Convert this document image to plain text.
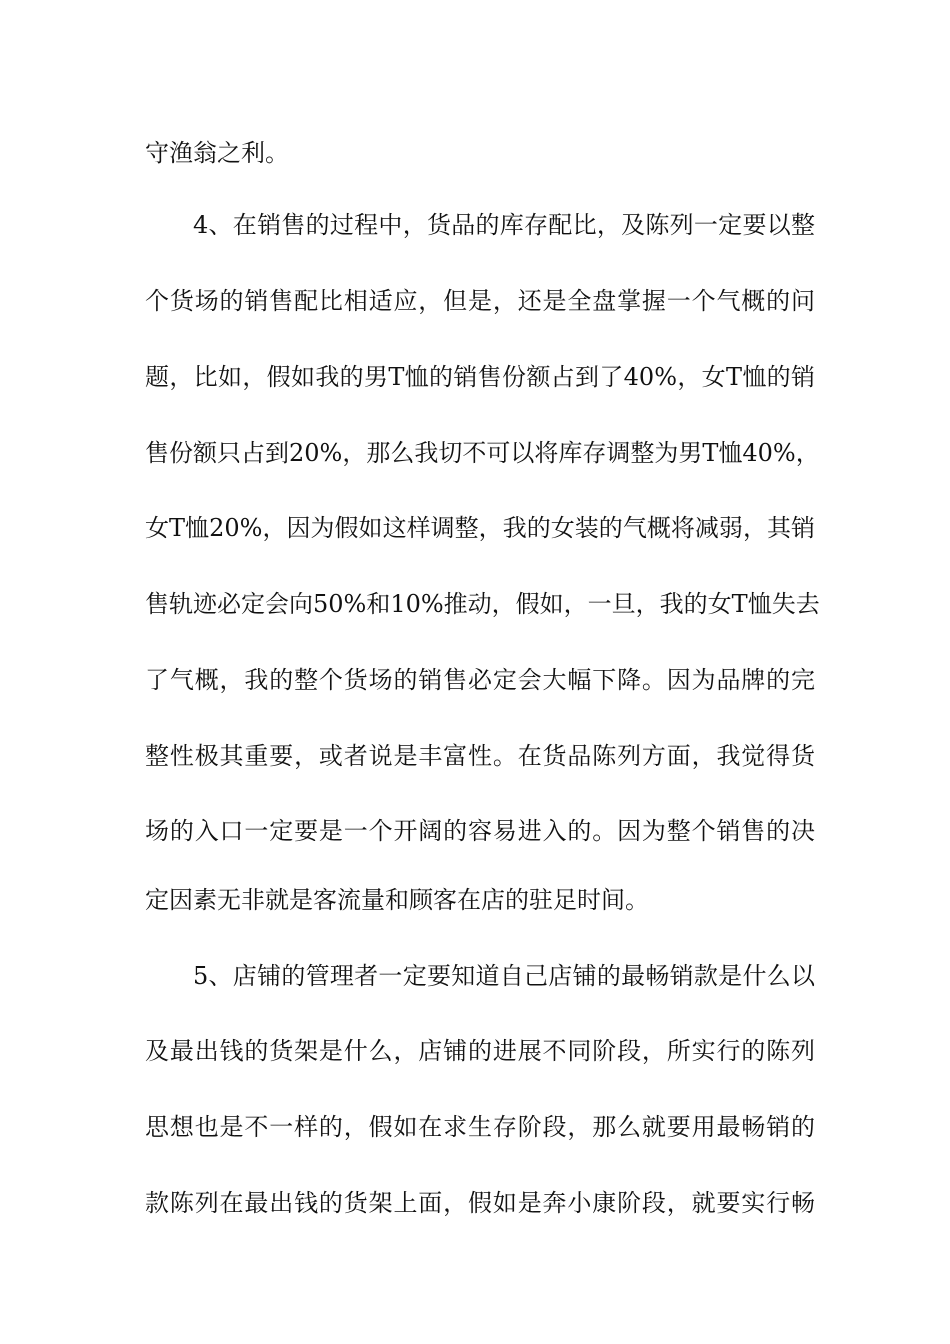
守渔翁之利。

4、在销售的过程中，货品的库存配比，及陈列一定要以整

个货场的销售配比相适应，但是，还是全盘掌握一个气概的问

题，比如，假如我的男T恤的销售份额占到了40%，女T恤的销

售份额只占到20%，那么我切不可以将库存调整为男T恤40%，

女T恤20%，因为假如这样调整，我的女装的气概将减弱，其销

售轨迹必定会向50%和10%推动，假如，一旦，我的女T恤失去

了气概，我的整个货场的销售必定会大幅下降。因为品牌的完

整性极其重要，或者说是丰富性。在货品陈列方面，我觉得货

场的入口一定要是一个开阔的容易进入的。因为整个销售的决

定因素无非就是客流量和顾客在店的驻足时间。

5、店铺的管理者一定要知道自己店铺的最畅销款是什么以

及最出钱的货架是什么，店铺的进展不同阶段，所实行的陈列

思想也是不一样的，假如在求生存阶段，那么就要用最畅销的

款陈列在最出钱的货架上面，假如是奔小康阶段，就要实行畅
